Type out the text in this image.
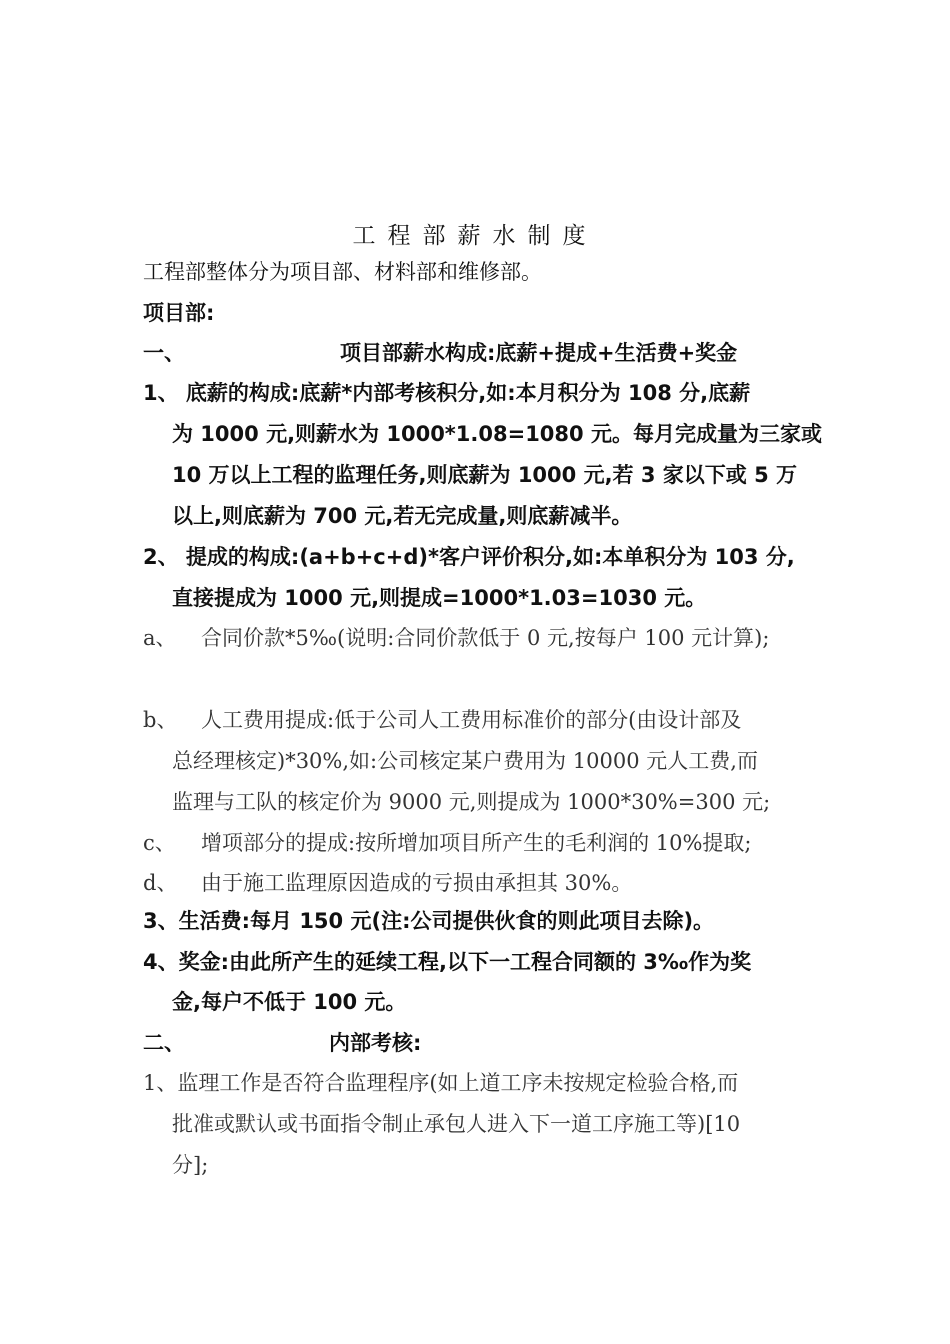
工程部薪水制度
工程部整体分为项目部、材料部和维修部。
项目部:
一、	项目部薪水构成:底薪+提成+生活费+奖金
1、 底薪的构成:底薪*内部考核积分,如:本月积分为 108 分,底薪
为 1000 元,则薪水为 1000*1.08=1080 元。每月完成量为三家或
10 万以上工程的监理任务,则底薪为 1000 元,若 3 家以下或 5 万
以上,则底薪为 700 元,若无完成量,则底薪减半。
2、 提成的构成:(a+b+c+d)*客户评价积分,如:本单积分为 103 分,
直接提成为 1000 元,则提成=1000*1.03=1030 元。
a、 合同价款*5‰(说明:合同价款低于 0 元,按每户 100 元计算);
b、 人工费用提成:低于公司人工费用标准价的部分(由设计部及
总经理核定)*30%,如:公司核定某户费用为 10000 元人工费,而
监理与工队的核定价为 9000 元,则提成为 1000*30%=300 元;
c、 增项部分的提成:按所增加项目所产生的毛利润的 10%提取;
d、 由于施工监理原因造成的亏损由承担其 30%。
3、生活费:每月 150 元(注:公司提供伙食的则此项目去除)。
4、奖金:由此所产生的延续工程,以下一工程合同额的 3‰作为奖
金,每户不低于 100 元。
二、	内部考核:
1、监理工作是否符合监理程序(如上道工序未按规定检验合格,而
批准或默认或书面指令制止承包人进入下一道工序施工等)[10
分];
